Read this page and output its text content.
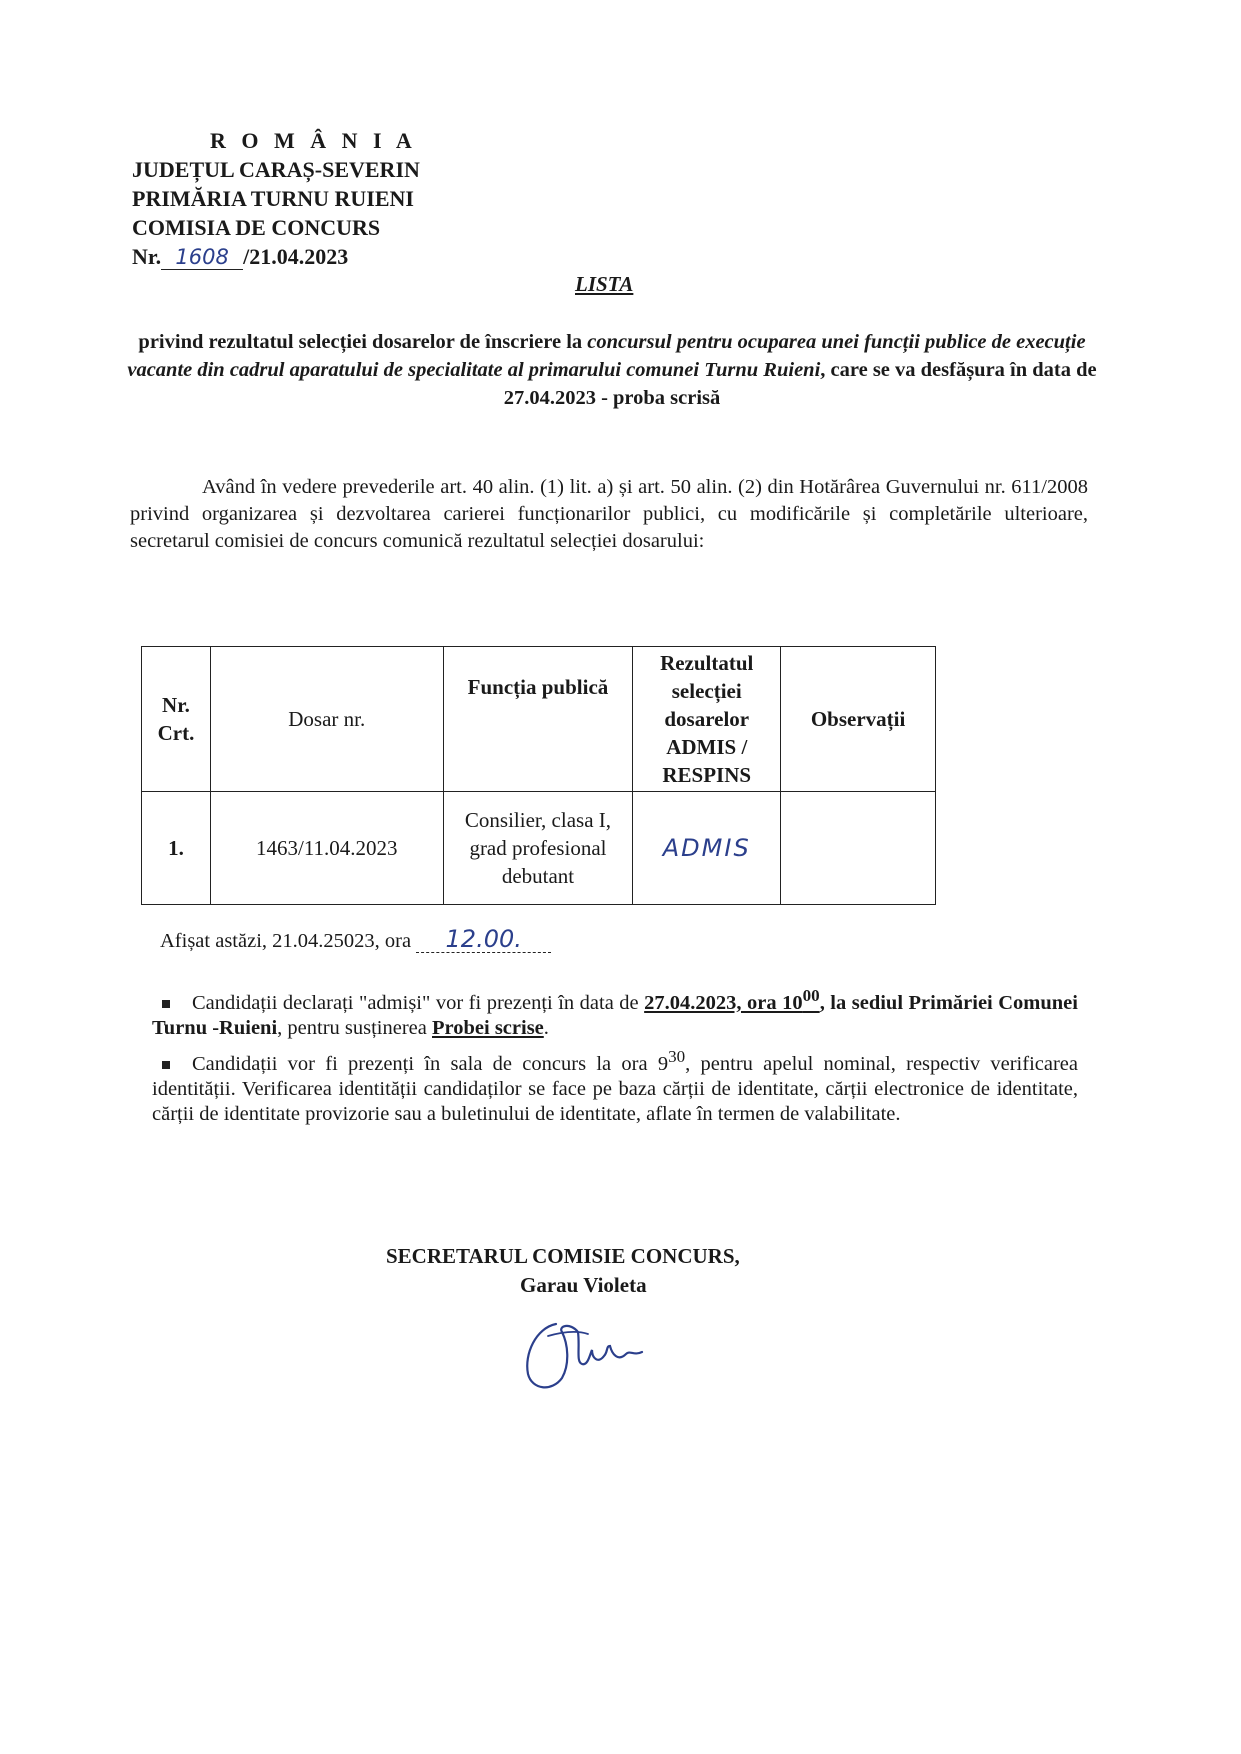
R O M Â N I A
JUDEȚUL CARAȘ-SEVERIN
PRIMĂRIA TURNU RUIENI
COMISIA DE CONCURS
Nr. 1608 /21.04.2023
LISTA
privind rezultatul selecției dosarelor de înscriere la concursul pentru ocuparea unei funcții publice de execuție vacante din cadrul aparatului de specialitate al primarului comunei Turnu Ruieni, care se va desfășura în data de 27.04.2023 - proba scrisă
Având în vedere prevederile art. 40 alin. (1) lit. a) și art. 50 alin. (2) din Hotărârea Guvernului nr. 611/2008 privind organizarea și dezvoltarea carierei funcționarilor publici, cu modificările și completările ulterioare, secretarul comisiei de concurs comunică rezultatul selecției dosarului:
Nr. Crt.	Dosar nr.	Funcția publică	Rezultatul selecției dosarelor ADMIS / RESPINS	Observații
1.	1463/11.04.2023	Consilier, clasa I, grad profesional debutant	ADMIS	
Afișat astăzi, 21.04.25023, ora 12.00.

Candidații declarați "admiși" vor fi prezenți în data de 27.04.2023, ora $10^{00}$, la sediul Primăriei Comunei Turnu -Ruieni, pentru susținerea Probei scrise.

Candidații vor fi prezenți în sala de concurs la ora $9^{30}$, pentru apelul nominal, respectiv verificarea identității. Verificarea identității candidaților se face pe baza cărții de identitate, cărții electronice de identitate, cărții de identitate provizorie sau a buletinului de identitate, aflate în termen de valabilitate.

SECRETARUL COMISIE CONCURS,
Garau Violeta
